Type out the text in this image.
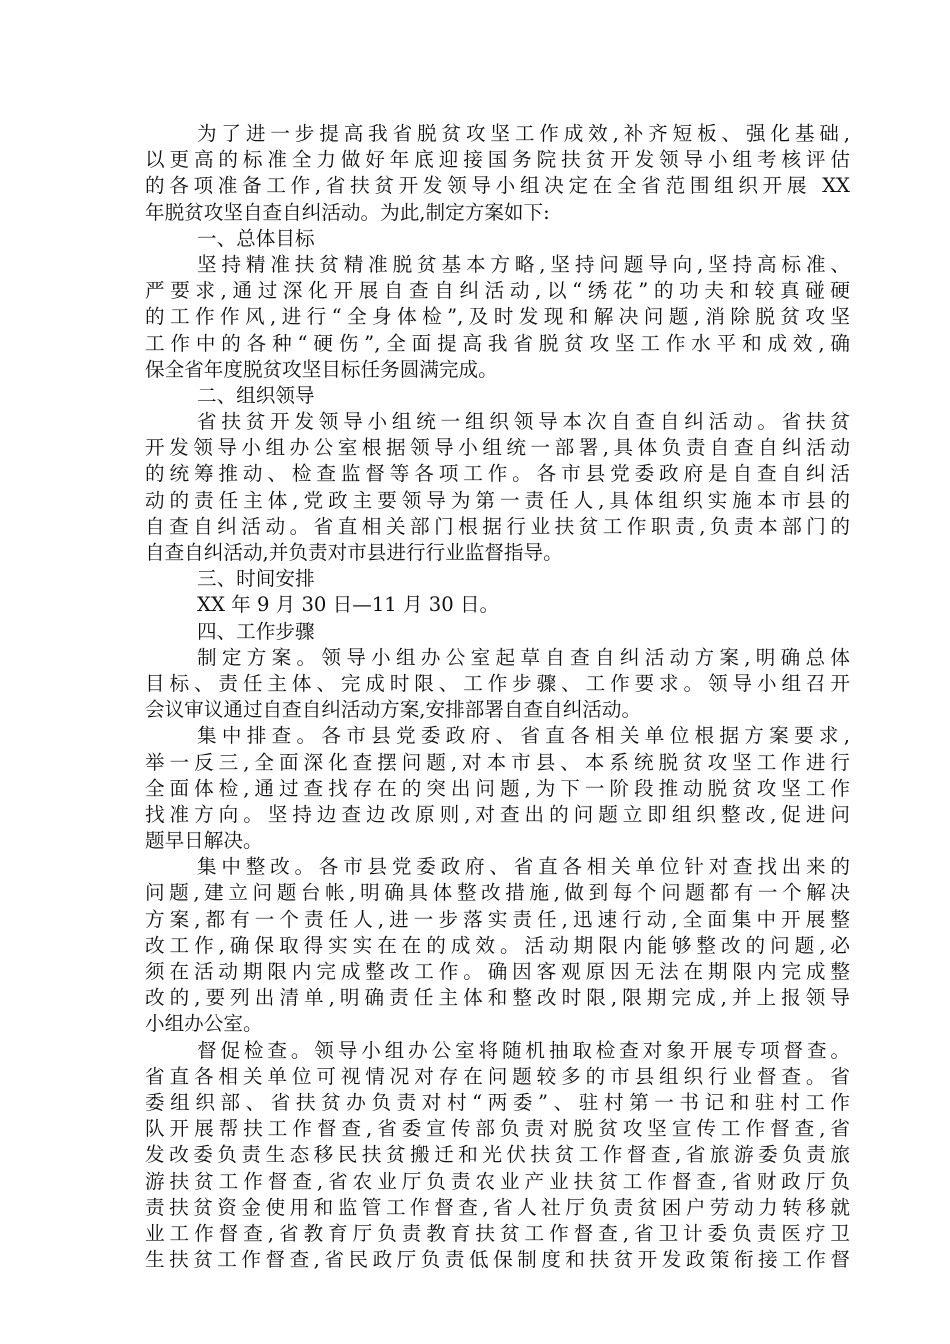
为了进一步提高我省脱贫攻坚工作成效,补齐短板、强化基础,
以更高的标准全力做好年底迎接国务院扶贫开发领导小组考核评估
的各项准备工作,省扶贫开发领导小组决定在全省范围组织开展 XX
年脱贫攻坚自查自纠活动。为此,制定方案如下:
一、总体目标
坚持精准扶贫精准脱贫基本方略,坚持问题导向,坚持高标准、
严要求,通过深化开展自查自纠活动,以“绣花”的功夫和较真碰硬
的工作作风,进行“全身体检”,及时发现和解决问题,消除脱贫攻坚
工作中的各种“硬伤”,全面提高我省脱贫攻坚工作水平和成效,确
保全省年度脱贫攻坚目标任务圆满完成。
二、组织领导
省扶贫开发领导小组统一组织领导本次自查自纠活动。省扶贫
开发领导小组办公室根据领导小组统一部署,具体负责自查自纠活动
的统筹推动、检查监督等各项工作。各市县党委政府是自查自纠活
动的责任主体,党政主要领导为第一责任人,具体组织实施本市县的
自查自纠活动。省直相关部门根据行业扶贫工作职责,负责本部门的
自查自纠活动,并负责对市县进行行业监督指导。
三、时间安排
XX 年 9 月 30 日—11 月 30 日。
四、工作步骤
制定方案。领导小组办公室起草自查自纠活动方案,明确总体
目标、责任主体、完成时限、工作步骤、工作要求。领导小组召开
会议审议通过自查自纠活动方案,安排部署自查自纠活动。
集中排查。各市县党委政府、省直各相关单位根据方案要求,
举一反三,全面深化查摆问题,对本市县、本系统脱贫攻坚工作进行
全面体检,通过查找存在的突出问题,为下一阶段推动脱贫攻坚工作
找准方向。坚持边查边改原则,对查出的问题立即组织整改,促进问
题早日解决。
集中整改。各市县党委政府、省直各相关单位针对查找出来的
问题,建立问题台帐,明确具体整改措施,做到每个问题都有一个解决
方案,都有一个责任人,进一步落实责任,迅速行动,全面集中开展整
改工作,确保取得实实在在的成效。活动期限内能够整改的问题,必
须在活动期限内完成整改工作。确因客观原因无法在期限内完成整
改的,要列出清单,明确责任主体和整改时限,限期完成,并上报领导
小组办公室。
督促检查。领导小组办公室将随机抽取检查对象开展专项督查。
省直各相关单位可视情况对存在问题较多的市县组织行业督查。省
委组织部、省扶贫办负责对村“两委”、驻村第一书记和驻村工作
队开展帮扶工作督查,省委宣传部负责对脱贫攻坚宣传工作督查,省
发改委负责生态移民扶贫搬迁和光伏扶贫工作督查,省旅游委负责旅
游扶贫工作督查,省农业厅负责农业产业扶贫工作督查,省财政厅负
责扶贫资金使用和监管工作督查,省人社厅负责贫困户劳动力转移就
业工作督查,省教育厅负责教育扶贫工作督查,省卫计委负责医疗卫
生扶贫工作督查,省民政厅负责低保制度和扶贫开发政策衔接工作督
